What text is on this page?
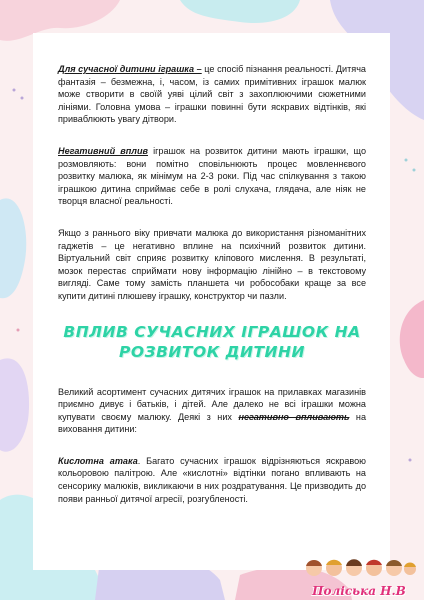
Для сучасної дитини іграшка – це спосіб пізнання реальності. Дитяча фантазія – безмежна, і, часом, із самих примітивних іграшок малюк може створити в своїй уяві цілий світ з захоплюючими сюжетними лініями. Головна умова – іграшки повинні бути яскравих відтінків, які приваблюють увагу дітвори.

Негативний вплив іграшок на розвиток дитини мають іграшки, що розмовляють: вони помітно сповільнюють процес мовленнєвого розвитку малюка, як мінімум на 2-3 роки. Під час спілкування з такою іграшкою дитина сприймає себе в ролі слухача, глядача, але ніяк не творця власної реальності.

Якщо з раннього віку привчати малюка до використання різноманітних гаджетів – це негативно вплине на психічний розвиток дитини. Віртуальний світ сприяє розвитку кліпового мислення. В результаті, мозок перестає сприймати нову інформацію лінійно – в текстовому вигляді. Саме тому замість планшета чи робособаки краще за все купити дитині плюшеву іграшку, конструктор чи пазли.

ВПЛИВ СУЧАСНИХ ІГРАШОК НА
РОЗВИТОК ДИТИНИ

Великий асортимент сучасних дитячих іграшок на прилавках магазинів приємно дивує і батьків, і дітей. Але далеко не всі іграшки можна купувати своєму малюку. Деякі з них негативно впливають на виховання дитини:

Кислотна атака. Багато сучасних іграшок відрізняються яскравою кольоровою палітрою. Але «кислотні» відтінки погано впливають на сенсорику малюків, викликаючи в них роздратування. Це призводить до появи ранньої дитячої агресії, розгубленості.

Поліська Н.В
